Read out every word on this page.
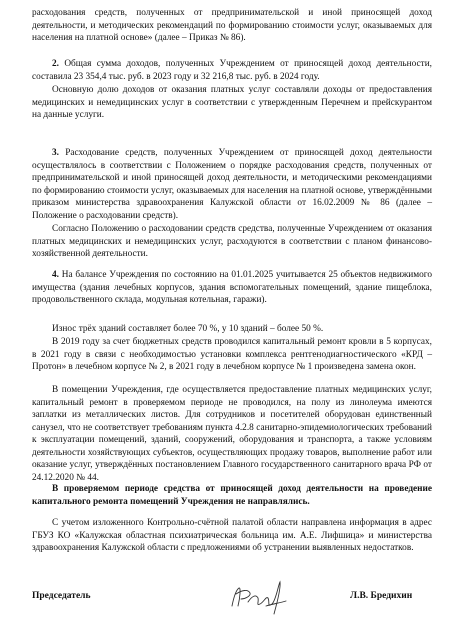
расходования средств, полученных от предпринимательской и иной приносящей доход деятельности, и методических рекомендаций по формированию стоимости услуг, оказываемых для населения на платной основе» (далее – Приказ № 86).

2. Общая сумма доходов, полученных Учреждением от приносящей доход деятельности, составила 23 354,4 тыс. руб. в 2023 году и 32 216,8 тыс. руб. в 2024 году.

Основную долю доходов от оказания платных услуг составляли доходы от предоставления медицинских и немедицинских услуг в соответствии с утвержденным Перечнем и прейскурантом на данные услуги.

3. Расходование средств, полученных Учреждением от приносящей доход деятельности осуществлялось в соответствии с Положением о порядке расходования средств, полученных от предпринимательской и иной приносящей доход деятельности, и методическими рекомендациями по формированию стоимости услуг, оказываемых для населения на платной основе, утверждёнными приказом министерства здравоохранения Калужской области от 16.02.2009 № 86 (далее – Положение о расходовании средств).

Согласно Положению о расходовании средств средства, полученные Учреждением от оказания платных медицинских и немедицинских услуг, расходуются в соответствии с планом финансово-хозяйственной деятельности.

4. На балансе Учреждения по состоянию на 01.01.2025 учитывается 25 объектов недвижимого имущества (здания лечебных корпусов, здания вспомогательных помещений, здание пищеблока, продовольственного склада, модульная котельная, гаражи).

Износ трёх зданий составляет более 70 %, у 10 зданий – более 50 %.

В 2019 году за счет бюджетных средств проводился капитальный ремонт кровли в 5 корпусах, в 2021 году в связи с необходимостью установки комплекса рентгенодиагностического «КРД – Протон» в лечебном корпусе № 2, в 2021 году в лечебном корпусе № 1 произведена замена окон.

В помещении Учреждения, где осуществляется предоставление платных медицинских услуг, капитальный ремонт в проверяемом периоде не проводился, на полу из линолеума имеются заплатки из металлических листов. Для сотрудников и посетителей оборудован единственный санузел, что не соответствует требованиям пункта 4.2.8 санитарно-эпидемиологических требований к эксплуатации помещений, зданий, сооружений, оборудования и транспорта, а также условиям деятельности хозяйствующих субъектов, осуществляющих продажу товаров, выполнение работ или оказание услуг, утверждённых постановлением Главного государственного санитарного врача РФ от 24.12.2020 № 44.

В проверяемом периоде средства от приносящей доход деятельности на проведение капитального ремонта помещений Учреждения не направлялись.

С учетом изложенного Контрольно-счётной палатой области направлена информация в адрес ГБУЗ КО «Калужская областная психиатрическая больница им. А.Е. Лифшица» и министерства здравоохранения Калужской области с предложениями об устранении выявленных недостатков.

Председатель	Л.В. Бредихин
